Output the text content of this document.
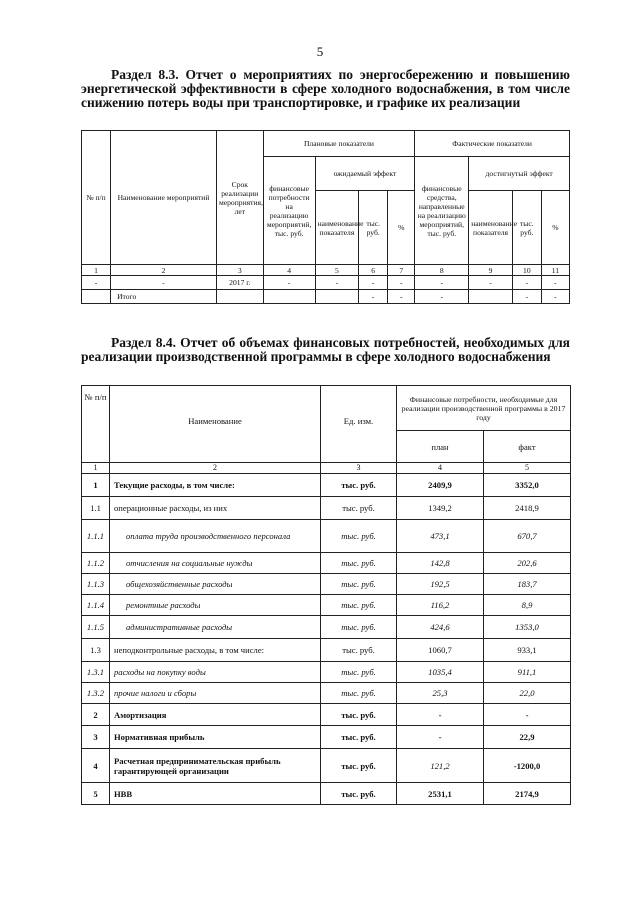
5
Раздел 8.3. Отчет о мероприятиях по энергосбережению и повышению энергетической эффективности в сфере холодного водоснабжения, в том числе снижению потерь воды при транспортировке, и графике их реализации
№ п/п	Наименование мероприятий	Срок реализации мероприятия, лет	Плановые показатели				Фактические показатели			
			финансовые потребности на реализацию мероприятий, тыс. руб.	ожидаемый эффект			финансовые средства, направленные на реализацию мероприятий, тыс. руб.	достигнутый эффект		
				наименование показателя	тыс. руб.	%		наименование показателя	тыс. руб.	%
1	2	3	4	5	6	7	8	9	10	11
-	-	2017 г.	-	-	-	-	-	-	-	-
	Итого				-	-	-		-	-
Раздел 8.4. Отчет об объемах финансовых потребностей, необходимых для реализации производственной программы в сфере холодного водоснабжения
№ п/п	Наименование	Ед. изм.	Финансовые потребности, необходимые для реализации производственной программы в 2017 году	
			план	факт
1	2	3	4	5
1	Текущие расходы, в том числе:	тыс. руб.	2409,9	3352,0
1.1	операционные расходы, из них	тыс. руб.	1349,2	2418,9
1.1.1	оплата труда производственного персонала	тыс. руб.	473,1	670,7
1.1.2	отчисления на социальные нужды	тыс. руб.	142,8	202,6
1.1.3	общехозяйственные расходы	тыс. руб.	192,5	183,7
1.1.4	ремонтные расходы	тыс. руб.	116,2	8,9
1.1.5	административные расходы	тыс. руб.	424,6	1353,0
1.3	неподконтрольные расходы, в том числе:	тыс. руб.	1060,7	933,1
1.3.1	расходы на покупку воды	тыс. руб.	1035,4	911,1
1.3.2	прочие налоги и сборы	тыс. руб.	25,3	22,0
2	Амортизация	тыс. руб.	-	-
3	Нормативная прибыль	тыс. руб.	-	22,9
4	Расчетная предпринимательская прибыль гарантирующей организации	тыс. руб.	121,2	-1200,0
5	НВВ	тыс. руб.	2531,1	2174,9
